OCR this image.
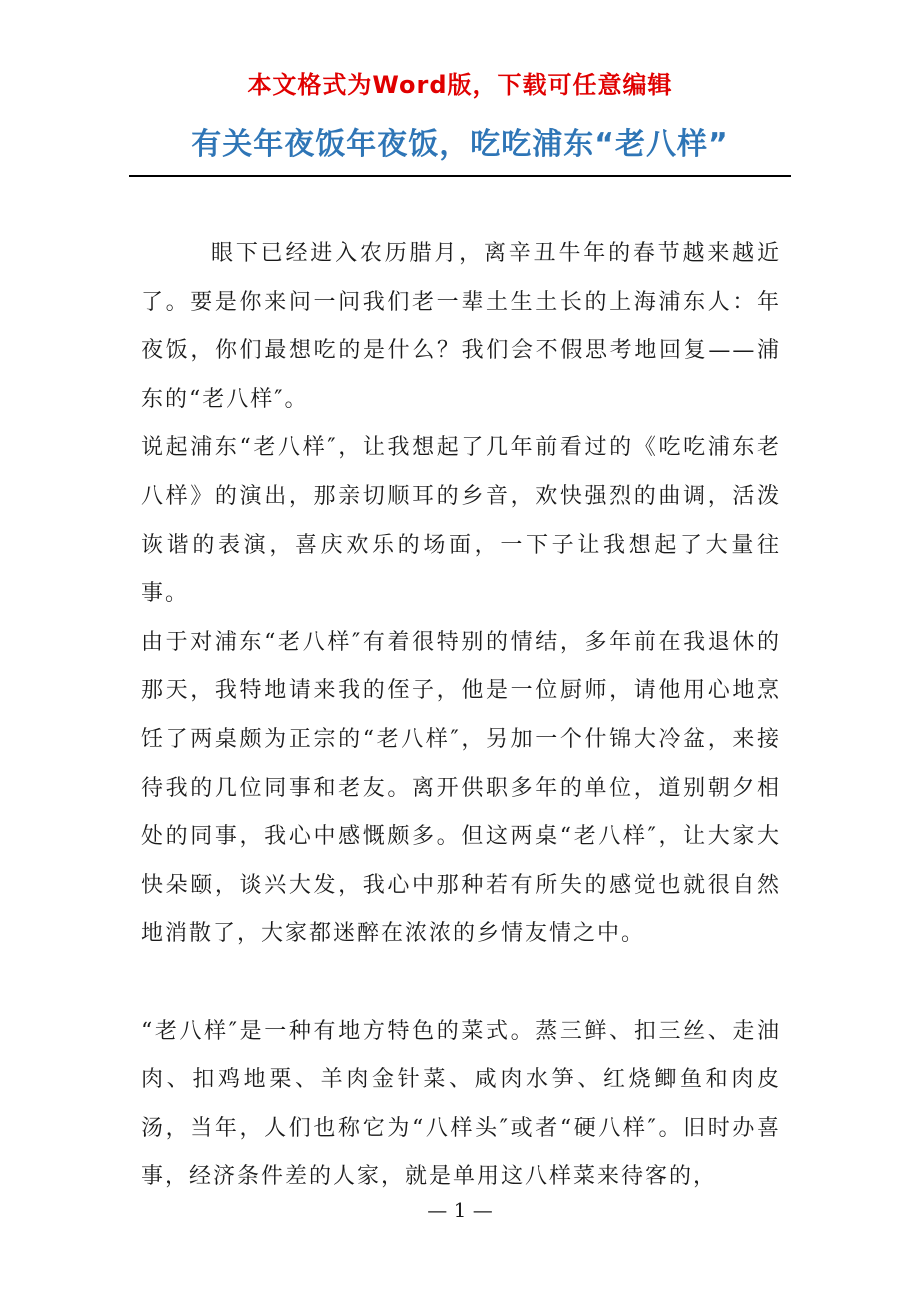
本文格式为Word版，下载可任意编辑
有关年夜饭年夜饭，吃吃浦东“老八样”

眼下已经进入农历腊月，离辛丑牛年的春节越来越近了。要是你来问一问我们老一辈土生土长的上海浦东人：年夜饭，你们最想吃的是什么？我们会不假思考地回复——浦东的“老八样″。

说起浦东“老八样″，让我想起了几年前看过的《吃吃浦东老八样》的演出，那亲切顺耳的乡音，欢快强烈的曲调，活泼诙谐的表演，喜庆欢乐的场面，一下子让我想起了大量往事。

由于对浦东“老八样″有着很特别的情结，多年前在我退休的那天，我特地请来我的侄子，他是一位厨师，请他用心地烹饪了两桌颇为正宗的“老八样″，另加一个什锦大冷盆，来接待我的几位同事和老友。离开供职多年的单位，道别朝夕相处的同事，我心中感慨颇多。但这两桌“老八样″，让大家大快朵颐，谈兴大发，我心中那种若有所失的感觉也就很自然地消散了，大家都迷醉在浓浓的乡情友情之中。

“老八样″是一种有地方特色的菜式。蒸三鲜、扣三丝、走油肉、扣鸡地栗、羊肉金针菜、咸肉水笋、红烧鲫鱼和肉皮汤，当年，人们也称它为“八样头″或者“硬八样″。旧时办喜事，经济条件差的人家，就是单用这八样菜来待客的，

— 1 —
